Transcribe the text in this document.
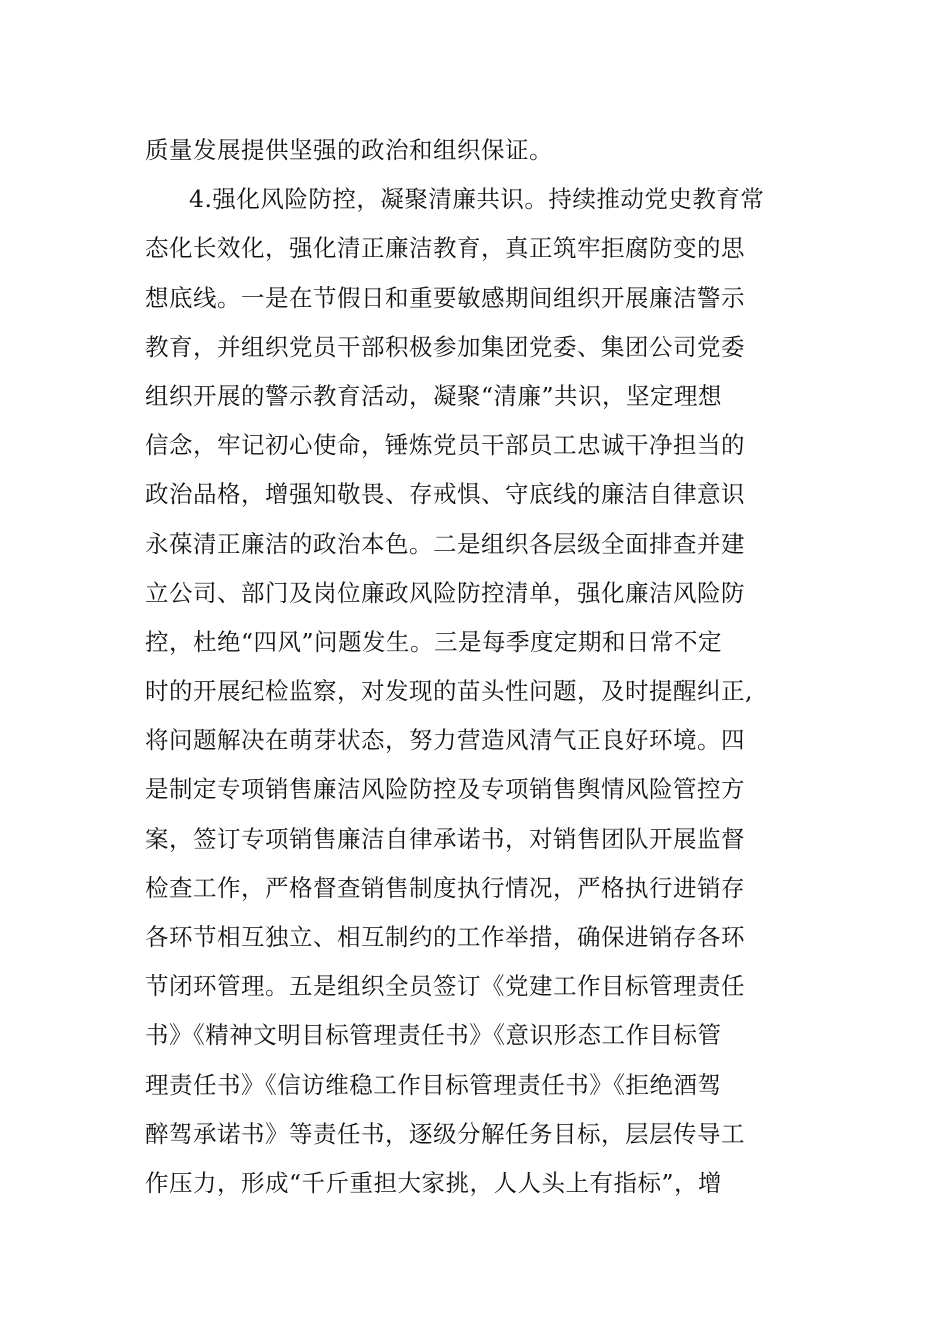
质量发展提供坚强的政治和组织保证。
4.强化风险防控，凝聚清廉共识。持续推动党史教育常
态化长效化，强化清正廉洁教育，真正筑牢拒腐防变的思
想底线。一是在节假日和重要敏感期间组织开展廉洁警示
教育，并组织党员干部积极参加集团党委、集团公司党委
组织开展的警示教育活动，凝聚“清廉”共识，坚定理想
信念，牢记初心使命，锤炼党员干部员工忠诚干净担当的
政治品格，增强知敬畏、存戒惧、守底线的廉洁自律意识
永葆清正廉洁的政治本色。二是组织各层级全面排查并建
立公司、部门及岗位廉政风险防控清单，强化廉洁风险防
控，杜绝“四风”问题发生。三是每季度定期和日常不定
时的开展纪检监察，对发现的苗头性问题，及时提醒纠正,
将问题解决在萌芽状态，努力营造风清气正良好环境。四
是制定专项销售廉洁风险防控及专项销售舆情风险管控方
案，签订专项销售廉洁自律承诺书，对销售团队开展监督
检查工作，严格督查销售制度执行情况，严格执行进销存
各环节相互独立、相互制约的工作举措，确保进销存各环
节闭环管理。五是组织全员签订《党建工作目标管理责任
书》《精神文明目标管理责任书》《意识形态工作目标管
理责任书》《信访维稳工作目标管理责任书》《拒绝酒驾
醉驾承诺书》等责任书，逐级分解任务目标，层层传导工
作压力，形成“千斤重担大家挑，人人头上有指标”，增
